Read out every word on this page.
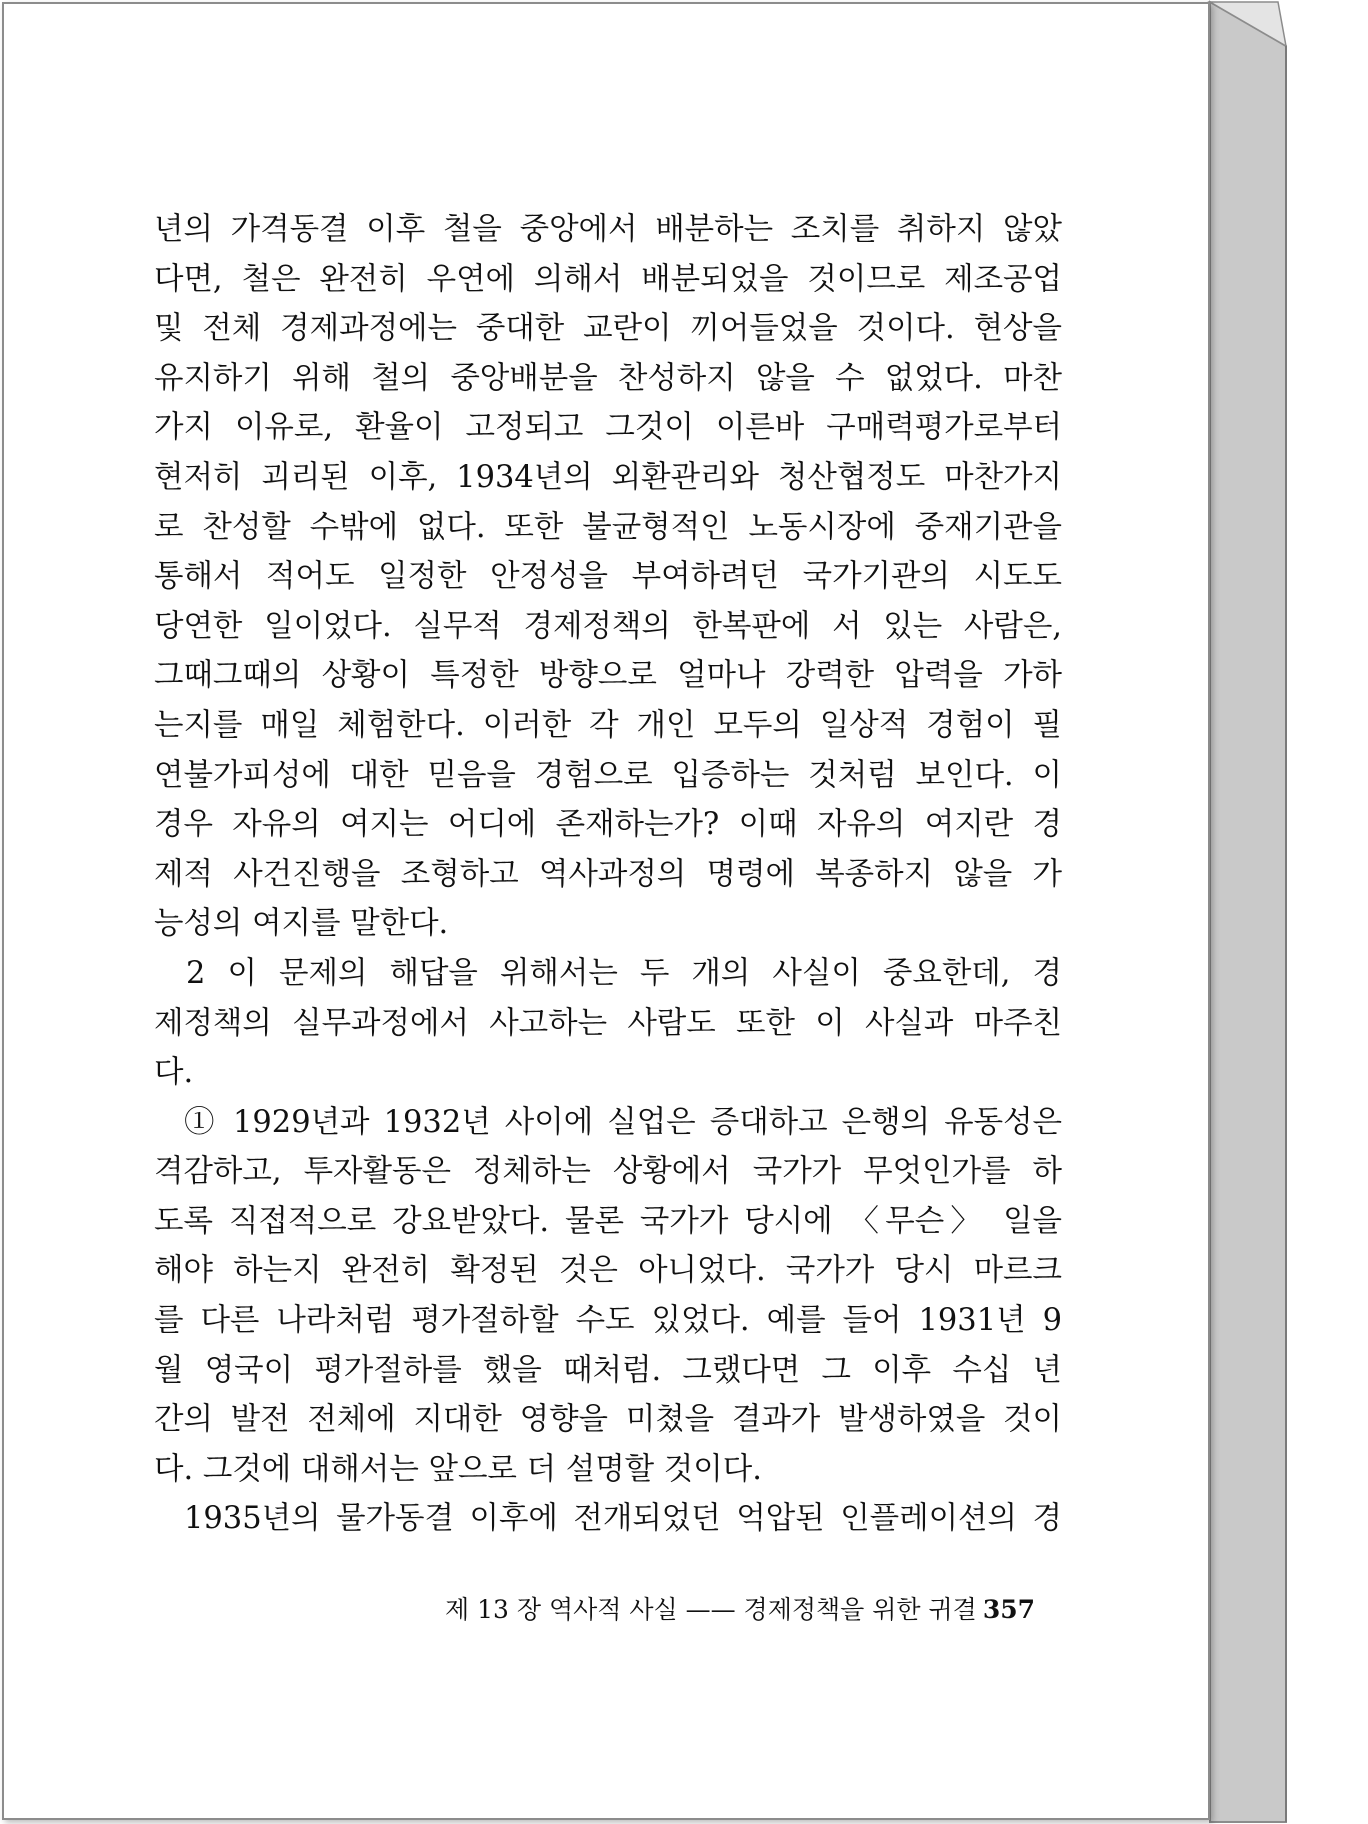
년의 가격동결 이후 철을 중앙에서 배분하는 조치를 취하지 않았
다면, 철은 완전히 우연에 의해서 배분되었을 것이므로 제조공업
및 전체 경제과정에는 중대한 교란이 끼어들었을 것이다. 현상을
유지하기 위해 철의 중앙배분을 찬성하지 않을 수 없었다. 마찬
가지 이유로, 환율이 고정되고 그것이 이른바 구매력평가로부터
현저히 괴리된 이후, 1934년의 외환관리와 청산협정도 마찬가지
로 찬성할 수밖에 없다. 또한 불균형적인 노동시장에 중재기관을
통해서 적어도 일정한 안정성을 부여하려던 국가기관의 시도도
당연한 일이었다. 실무적 경제정책의 한복판에 서 있는 사람은,
그때그때의 상황이 특정한 방향으로 얼마나 강력한 압력을 가하
는지를 매일 체험한다. 이러한 각 개인 모두의 일상적 경험이 필
연불가피성에 대한 믿음을 경험으로 입증하는 것처럼 보인다. 이
경우 자유의 여지는 어디에 존재하는가? 이때 자유의 여지란 경
제적 사건진행을 조형하고 역사과정의 명령에 복종하지 않을 가
능성의 여지를 말한다.
2 이 문제의 해답을 위해서는 두 개의 사실이 중요한데, 경
제정책의 실무과정에서 사고하는 사람도 또한 이 사실과 마주친
다.
① 1929년과 1932년 사이에 실업은 증대하고 은행의 유동성은
격감하고, 투자활동은 정체하는 상황에서 국가가 무엇인가를 하
도록 직접적으로 강요받았다. 물론 국가가 당시에 〈무슨〉 일을
해야 하는지 완전히 확정된 것은 아니었다. 국가가 당시 마르크
를 다른 나라처럼 평가절하할 수도 있었다. 예를 들어 1931년 9
월 영국이 평가절하를 했을 때처럼. 그랬다면 그 이후 수십 년
간의 발전 전체에 지대한 영향을 미쳤을 결과가 발생하였을 것이
다. 그것에 대해서는 앞으로 더 설명할 것이다.
1935년의 물가동결 이후에 전개되었던 억압된 인플레이션의 경
제 13 장 역사적 사실 —— 경제정책을 위한 귀결 357
